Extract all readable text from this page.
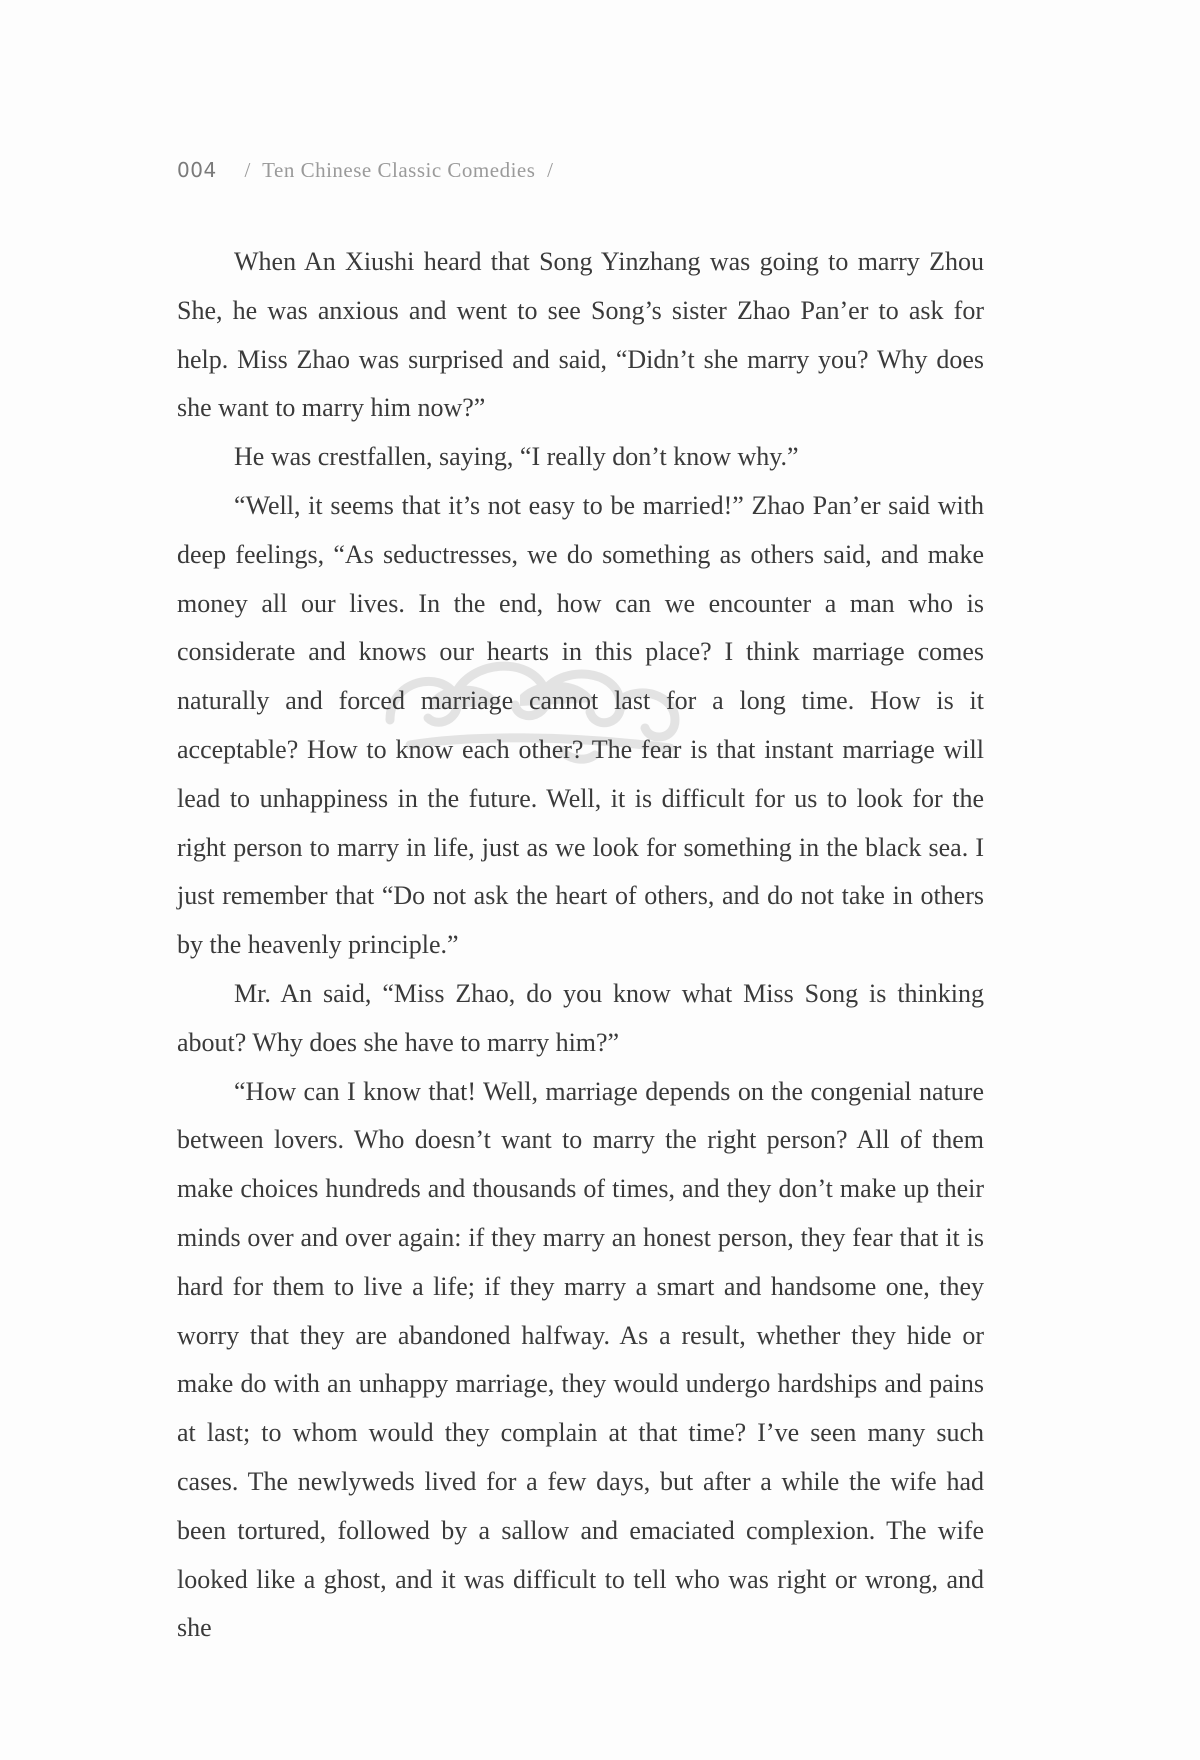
004 / Ten Chinese Classic Comedies /

When An Xiushi heard that Song Yinzhang was going to marry Zhou She, he was anxious and went to see Song’s sister Zhao Pan’er to ask for help. Miss Zhao was surprised and said, “Didn’t she marry you? Why does she want to marry him now?”

He was crestfallen, saying, “I really don’t know why.”

“Well, it seems that it’s not easy to be married!” Zhao Pan’er said with deep feelings, “As seductresses, we do something as others said, and make money all our lives. In the end, how can we encounter a man who is considerate and knows our hearts in this place? I think marriage comes naturally and forced marriage cannot last for a long time. How is it acceptable? How to know each other? The fear is that instant marriage will lead to unhappiness in the future. Well, it is difficult for us to look for the right person to marry in life, just as we look for something in the black sea. I just remember that “Do not ask the heart of others, and do not take in others by the heavenly principle.”

Mr. An said, “Miss Zhao, do you know what Miss Song is thinking about? Why does she have to marry him?”

“How can I know that! Well, marriage depends on the congenial nature between lovers. Who doesn’t want to marry the right person? All of them make choices hundreds and thousands of times, and they don’t make up their minds over and over again: if they marry an honest person, they fear that it is hard for them to live a life; if they marry a smart and handsome one, they worry that they are abandoned halfway. As a result, whether they hide or make do with an unhappy marriage, they would undergo hardships and pains at last; to whom would they complain at that time? I’ve seen many such cases. The newlyweds lived for a few days, but after a while the wife had been tortured, followed by a sallow and emaciated complexion. The wife looked like a ghost, and it was difficult to tell who was right or wrong, and she
